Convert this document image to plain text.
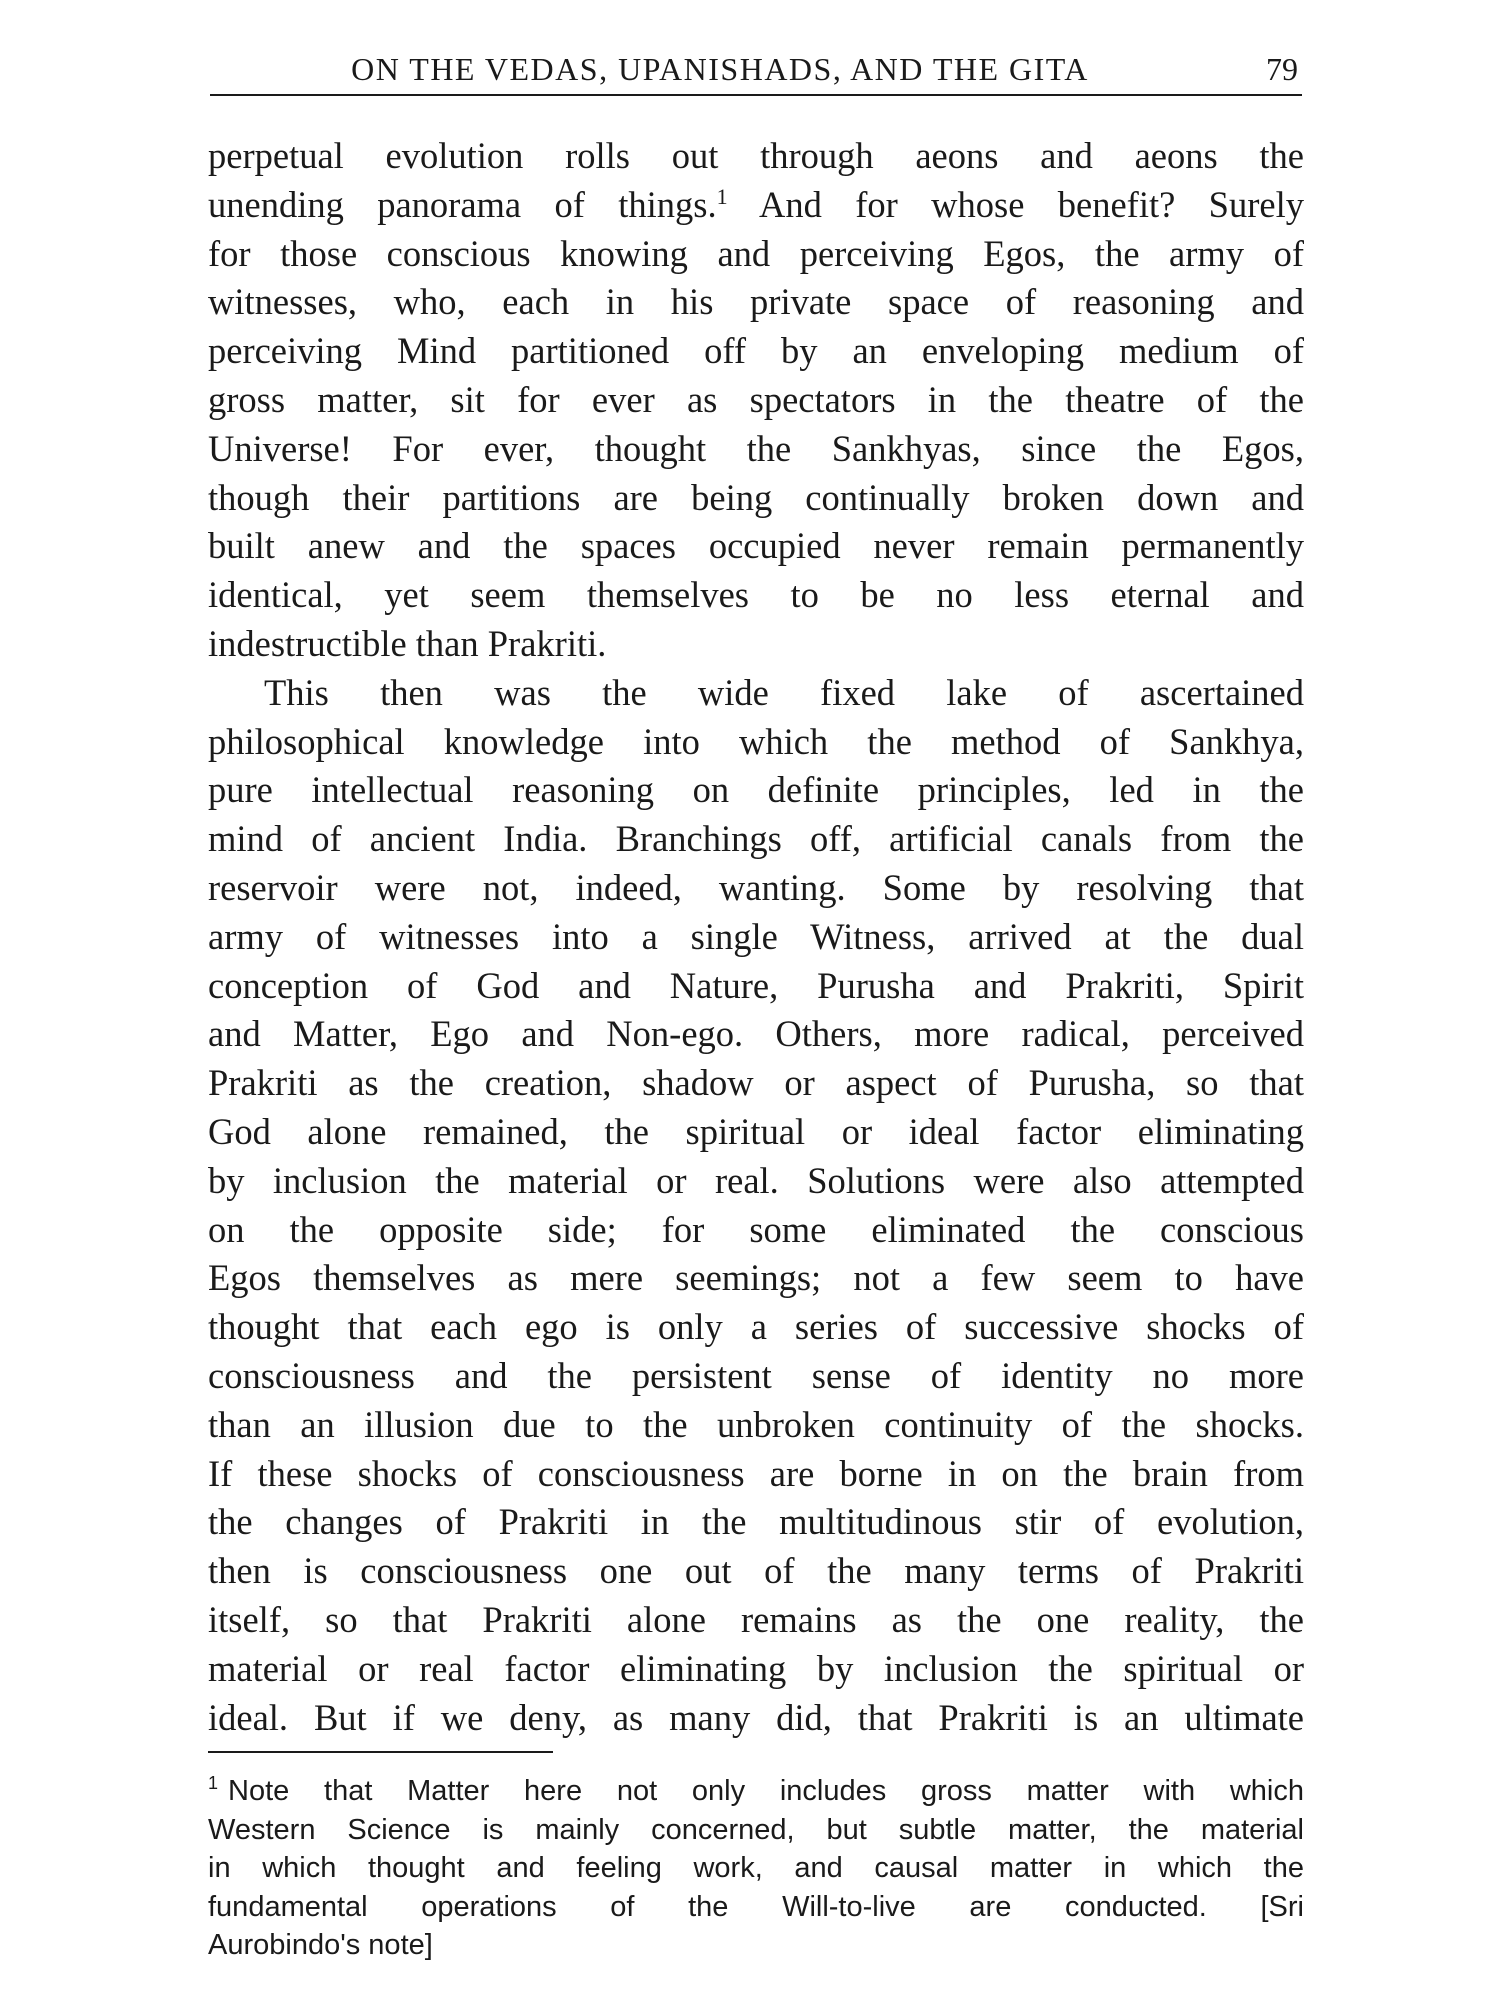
ON THE VEDAS, UPANISHADS, AND THE GITA	79
perpetual evolution rolls out through aeons and aeons the
unending panorama of things.$^1$ And for whose benefit? Surely
for those conscious knowing and perceiving Egos, the army of
witnesses, who, each in his private space of reasoning and
perceiving Mind partitioned off by an enveloping medium of
gross matter, sit for ever as spectators in the theatre of the
Universe! For ever, thought the Sankhyas, since the Egos,
though their partitions are being continually broken down and
built anew and the spaces occupied never remain permanently
identical, yet seem themselves to be no less eternal and
indestructible than Prakriti.
This then was the wide fixed lake of ascertained
philosophical knowledge into which the method of Sankhya,
pure intellectual reasoning on definite principles, led in the
mind of ancient India. Branchings off, artificial canals from the
reservoir were not, indeed, wanting. Some by resolving that
army of witnesses into a single Witness, arrived at the dual
conception of God and Nature, Purusha and Prakriti, Spirit
and Matter, Ego and Non-ego. Others, more radical, perceived
Prakriti as the creation, shadow or aspect of Purusha, so that
God alone remained, the spiritual or ideal factor eliminating
by inclusion the material or real. Solutions were also attempted
on the opposite side; for some eliminated the conscious
Egos themselves as mere seemings; not a few seem to have
thought that each ego is only a series of successive shocks of
consciousness and the persistent sense of identity no more
than an illusion due to the unbroken continuity of the shocks.
If these shocks of consciousness are borne in on the brain from
the changes of Prakriti in the multitudinous stir of evolution,
then is consciousness one out of the many terms of Prakriti
itself, so that Prakriti alone remains as the one reality, the
material or real factor eliminating by inclusion the spiritual or
ideal. But if we deny, as many did, that Prakriti is an ultimate
$^1$ Note that Matter here not only includes gross matter with which
Western Science is mainly concerned, but subtle matter, the material
in which thought and feeling work, and causal matter in which the
fundamental operations of the Will-to-live are conducted. [Sri
Aurobindo's note]
